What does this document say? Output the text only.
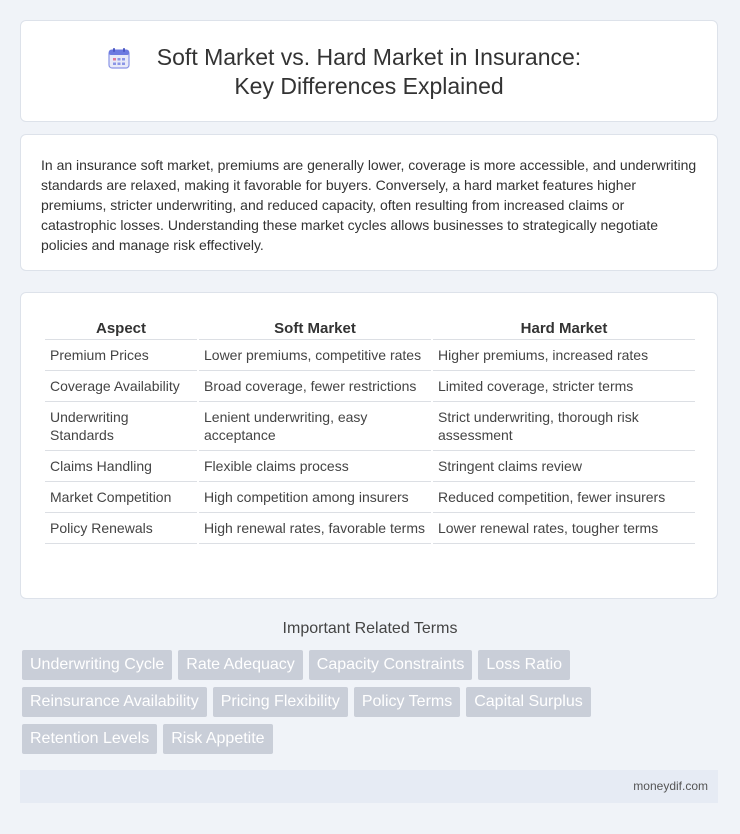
Soft Market vs. Hard Market in Insurance: Key Differences Explained
In an insurance soft market, premiums are generally lower, coverage is more accessible, and underwriting standards are relaxed, making it favorable for buyers. Conversely, a hard market features higher premiums, stricter underwriting, and reduced capacity, often resulting from increased claims or catastrophic losses. Understanding these market cycles allows businesses to strategically negotiate policies and manage risk effectively.
Aspect	Soft Market	Hard Market
Premium Prices	Lower premiums, competitive rates	Higher premiums, increased rates
Coverage Availability	Broad coverage, fewer restrictions	Limited coverage, stricter terms
Underwriting Standards	Lenient underwriting, easy acceptance	Strict underwriting, thorough risk assessment
Claims Handling	Flexible claims process	Stringent claims review
Market Competition	High competition among insurers	Reduced competition, fewer insurers
Policy Renewals	High renewal rates, favorable terms	Lower renewal rates, tougher terms
Important Related Terms
Underwriting Cycle	Rate Adequacy	Capacity Constraints	Loss Ratio
Reinsurance Availability	Pricing Flexibility	Policy Terms	Capital Surplus
Retention Levels	Risk Appetite
moneydif.com
